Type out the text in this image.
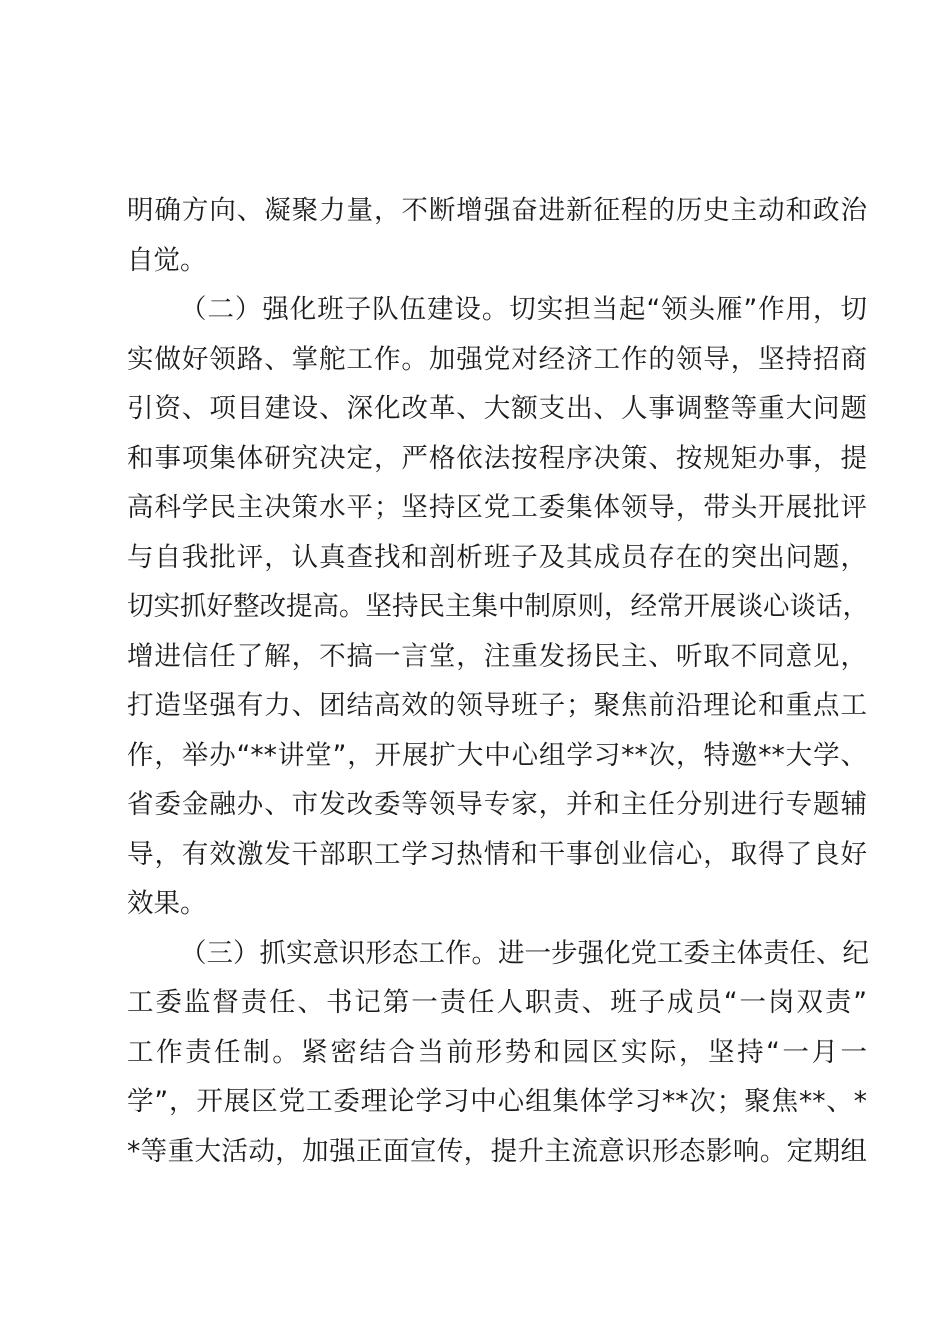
明确方向、凝聚力量，不断增强奋进新征程的历史主动和政治
自觉。
（二）强化班子队伍建设。切实担当起“领头雁”作用，切
实做好领路、掌舵工作。加强党对经济工作的领导，坚持招商
引资、项目建设、深化改革、大额支出、人事调整等重大问题
和事项集体研究决定，严格依法按程序决策、按规矩办事，提
高科学民主决策水平；坚持区党工委集体领导，带头开展批评
与自我批评，认真查找和剖析班子及其成员存在的突出问题，
切实抓好整改提高。坚持民主集中制原则，经常开展谈心谈话，
增进信任了解，不搞一言堂，注重发扬民主、听取不同意见，
打造坚强有力、团结高效的领导班子；聚焦前沿理论和重点工
作，举办“**讲堂”，开展扩大中心组学习**次，特邀**大学、
省委金融办、市发改委等领导专家，并和主任分别进行专题辅
导，有效激发干部职工学习热情和干事创业信心，取得了良好
效果。
（三）抓实意识形态工作。进一步强化党工委主体责任、纪
工委监督责任、书记第一责任人职责、班子成员“一岗双责”
工作责任制。紧密结合当前形势和园区实际，坚持“一月一
学”，开展区党工委理论学习中心组集体学习**次；聚焦**、*
*等重大活动，加强正面宣传，提升主流意识形态影响。定期组
